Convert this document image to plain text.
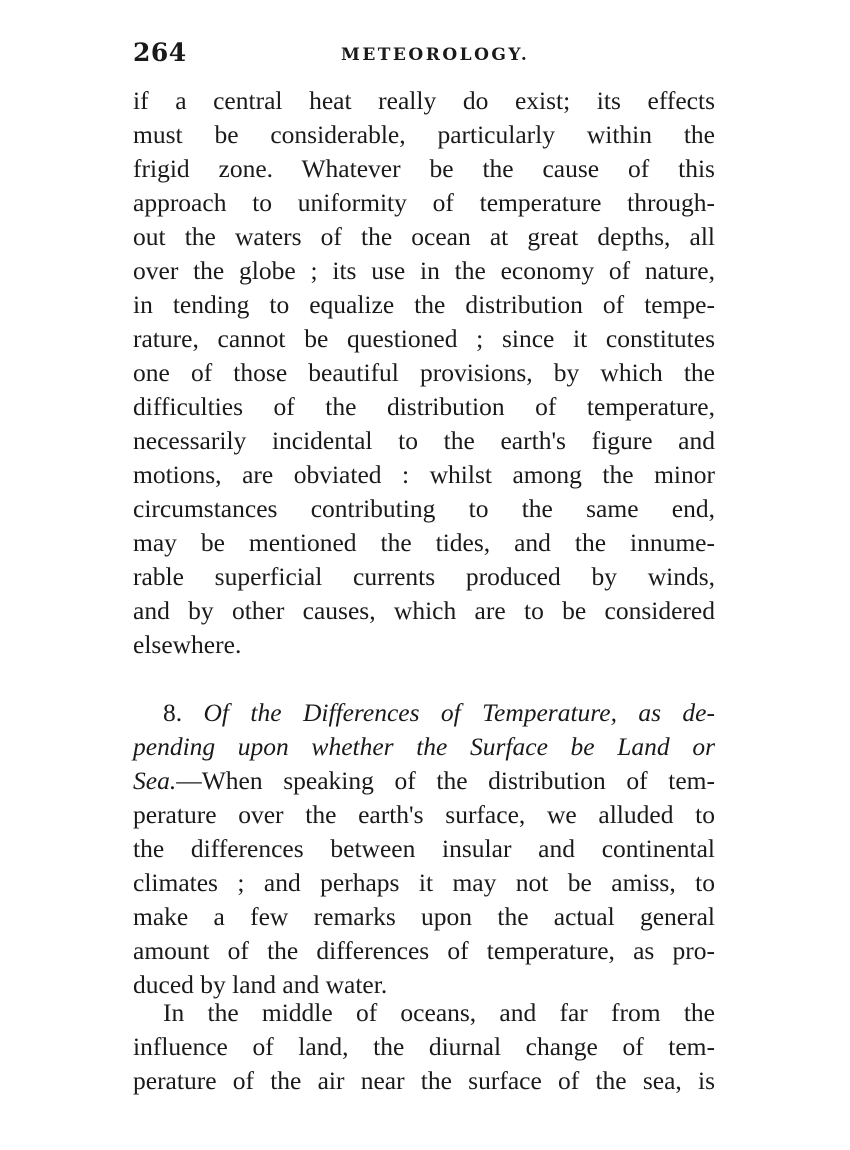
264	METEOROLOGY.
if a central heat really do exist; its effects
must be considerable, particularly within the
frigid zone. Whatever be the cause of this
approach to uniformity of temperature through-
out the waters of the ocean at great depths, all
over the globe ; its use in the economy of nature,
in tending to equalize the distribution of tempe-
rature, cannot be questioned ; since it constitutes
one of those beautiful provisions, by which the
difficulties of the distribution of temperature,
necessarily incidental to the earth's figure and
motions, are obviated : whilst among the minor
circumstances contributing to the same end,
may be mentioned the tides, and the innume-
rable superficial currents produced by winds,
and by other causes, which are to be considered
elsewhere.
8. Of the Differences of Temperature, as de-
pending upon whether the Surface be Land or
Sea.—When speaking of the distribution of tem-
perature over the earth's surface, we alluded to
the differences between insular and continental
climates ; and perhaps it may not be amiss, to
make a few remarks upon the actual general
amount of the differences of temperature, as pro-
duced by land and water.
In the middle of oceans, and far from the
influence of land, the diurnal change of tem-
perature of the air near the surface of the sea, is
